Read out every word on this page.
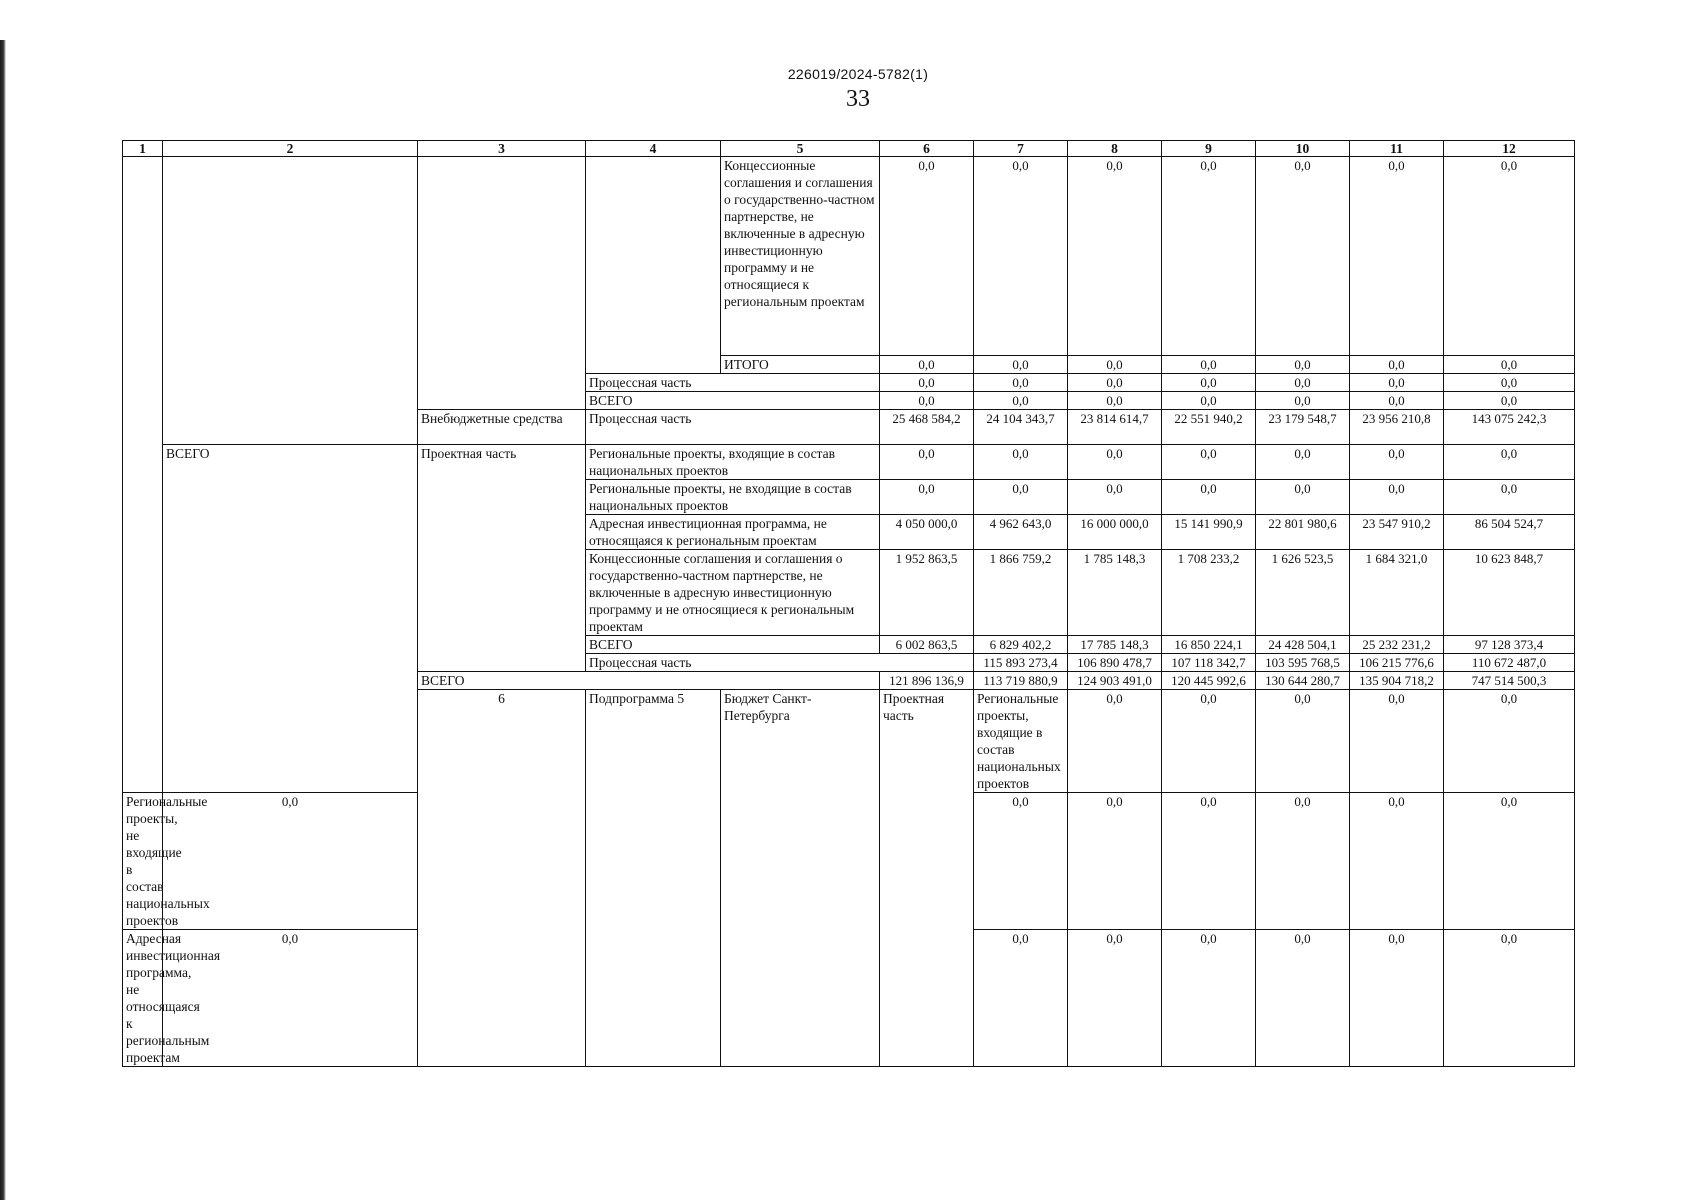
226019/2024-5782(1)
33
1	2	3	4	5	6	7	8	9	10	11	12	
				Концессионные соглашения и соглашения о государственно-частном партнерстве, не включенные в адресную инвестиционную программу и не относящиеся к региональным проектам	0,0	0,0	0,0	0,0	0,0	0,0	0,0	
				ИТОГО	0,0	0,0	0,0	0,0	0,0	0,0	0,0	
			Процессная часть		0,0	0,0	0,0	0,0	0,0	0,0	0,0	
			ВСЕГО		0,0	0,0	0,0	0,0	0,0	0,0	0,0	
		Внебюджетные средства	Процессная часть		25 468 584,2	24 104 343,7	23 814 614,7	22 551 940,2	23 179 548,7	23 956 210,8	143 075 242,3	
	ВСЕГО	Проектная часть	Региональные проекты, входящие в состав национальных проектов		0,0	0,0	0,0	0,0	0,0	0,0	0,0	
			Региональные проекты, не входящие в состав национальных проектов		0,0	0,0	0,0	0,0	0,0	0,0	0,0	
			Адресная инвестиционная программа, не относящаяся к региональным проектам		4 050 000,0	4 962 643,0	16 000 000,0	15 141 990,9	22 801 980,6	23 547 910,2	86 504 524,7	
			Концессионные соглашения и соглашения о государственно-частном партнерстве, не включенные в адресную инвестиционную программу и не относящиеся к региональным проектам		1 952 863,5	1 866 759,2	1 785 148,3	1 708 233,2	1 626 523,5	1 684 321,0	10 623 848,7	
			ВСЕГО		6 002 863,5	6 829 402,2	17 785 148,3	16 850 224,1	24 428 504,1	25 232 231,2	97 128 373,4	
			Процессная часть			115 893 273,4	106 890 478,7	107 118 342,7	103 595 768,5	106 215 776,6	110 672 487,0	
		ВСЕГО			121 896 136,9	113 719 880,9	124 903 491,0	120 445 992,6	130 644 280,7	135 904 718,2	747 514 500,3	
		6	Подпрограмма 5	Бюджет Санкт-Петербурга	Проектная часть	Региональные проекты, входящие в состав национальных проектов	0,0	0,0	0,0	0,0	0,0		
Региональные проекты, не входящие в состав национальных проектов	0,0					0,0	0,0	0,0	0,0	0,0	0,0	
Адресная инвестиционная программа, не относящаяся к региональным проектам	0,0					0,0	0,0	0,0	0,0	0,0	0,0	
